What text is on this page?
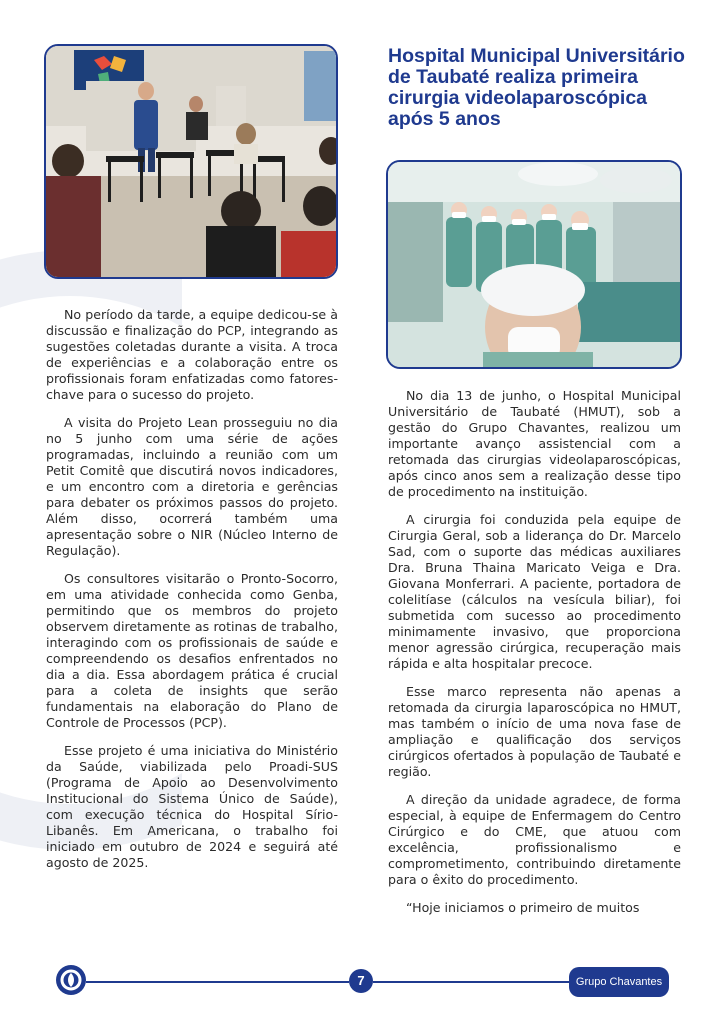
No período da tarde, a equipe dedicou-se à discussão e finalização do PCP, integrando as sugestões coletadas durante a visita. A troca de experiências e a colaboração entre os profissionais foram enfatizadas como fatores-chave para o sucesso do projeto.

A visita do Projeto Lean prosseguiu no dia no 5 junho com uma série de ações programadas, incluindo a reunião com um Petit Comitê que discutirá novos indicadores, e um encontro com a diretoria e gerências para debater os próximos passos do projeto. Além disso, ocorrerá também uma apresentação sobre o NIR (Núcleo Interno de Regulação).

Os consultores visitarão o Pronto-Socorro, em uma atividade conhecida como Genba, permitindo que os membros do projeto observem diretamente as rotinas de trabalho, interagindo com os profissionais de saúde e compreendendo os desafios enfrentados no dia a dia. Essa abordagem prática é crucial para a coleta de insights que serão fundamentais na elaboração do Plano de Controle de Processos (PCP).

Esse projeto é uma iniciativa do Ministério da Saúde, viabilizada pelo Proadi-SUS (Programa de Apoio ao Desenvolvimento Institucional do Sistema Único de Saúde), com execução técnica do Hospital Sírio-Libanês. Em Americana, o trabalho foi iniciado em outubro de 2024 e seguirá até agosto de 2025.

Hospital Municipal Universitário de Taubaté realiza primeira cirurgia videolaparoscópica após 5 anos

No dia 13 de junho, o Hospital Municipal Universitário de Taubaté (HMUT), sob a gestão do Grupo Chavantes, realizou um importante avanço assistencial com a retomada das cirurgias videolaparoscópicas, após cinco anos sem a realização desse tipo de procedimento na instituição.

A cirurgia foi conduzida pela equipe de Cirurgia Geral, sob a liderança do Dr. Marcelo Sad, com o suporte das médicas auxiliares Dra. Bruna Thaina Maricato Veiga e Dra. Giovana Monferrari. A paciente, portadora de colelitíase (cálculos na vesícula biliar), foi submetida com sucesso ao procedimento minimamente invasivo, que proporciona menor agressão cirúrgica, recuperação mais rápida e alta hospitalar precoce.

Esse marco representa não apenas a retomada da cirurgia laparoscópica no HMUT, mas também o início de uma nova fase de ampliação e qualificação dos serviços cirúrgicos ofertados à população de Taubaté e região.

A direção da unidade agradece, de forma especial, à equipe de Enfermagem do Centro Cirúrgico e do CME, que atuou com excelência, profissionalismo e comprometimento, contribuindo diretamente para o êxito do procedimento.

“Hoje iniciamos o primeiro de muitos

7	Grupo Chavantes
